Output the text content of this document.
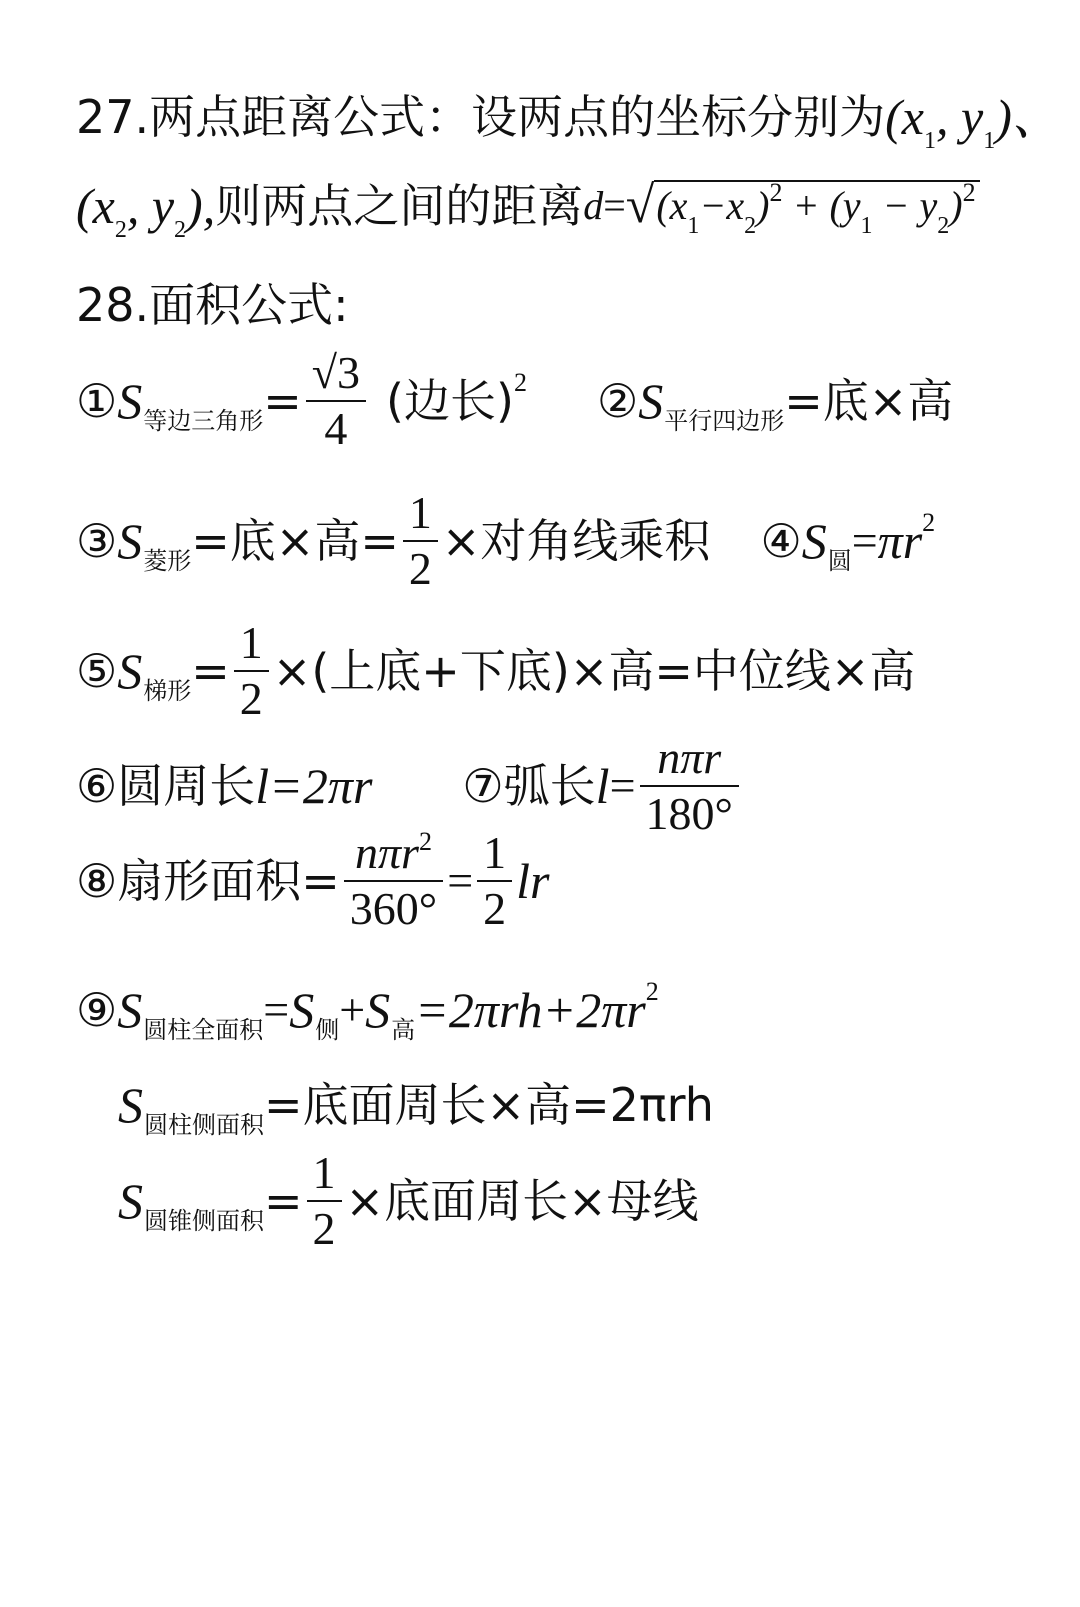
27.两点距离公式：设两点的坐标分别为 ($x_1$, $y_1$)、
($x_2$, $y_2$), 则两点之间的距离 d = √ $(x_1-x_2)^2 + (y_1 - y_2)^2$
28.面积公式:
① S 等边三角形 = $\frac{√3}{4}$ (边长) 2 ② S 平行四边形 =底×高
③ S 菱形 =底×高= $\frac{1}{2}$ ×对角线乘积 ④ S 圆 = πr 2
⑤ S 梯形 = $\frac{1}{2}$ ×(上底+下底)×高=中位线×高
⑥ 圆周长 l =2πr ⑦ 弧长 $l = \frac{\text{nπr}}{180^\circ}$
⑧ 扇形面积= $\frac{n\pi r^2}{360^\circ} = \frac{1}{2}$ lr
⑨ S 圆柱全面积 = S 侧 + S 高 =2πrh+2πr 2
S 圆柱侧面积 =底面周长×高=2πrh
S 圆锥侧面积 = $\frac{1}{2}$ ×底面周长×母线
